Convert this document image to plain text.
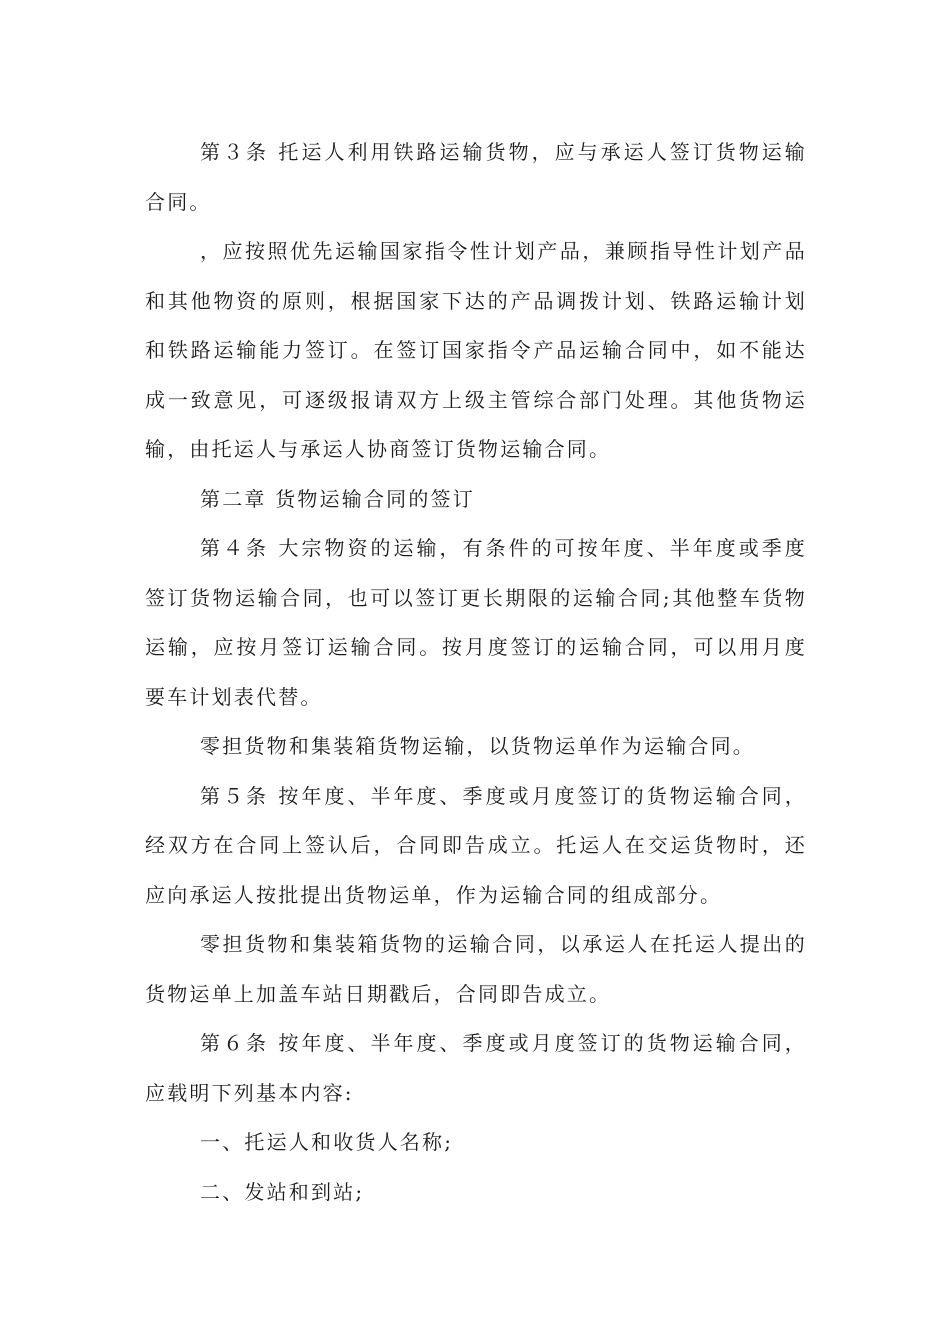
第３条 托运人利用铁路运输货物，应与承运人签订货物运输合同。

，应按照优先运输国家指令性计划产品，兼顾指导性计划产品和其他物资的原则，根据国家下达的产品调拨计划、铁路运输计划和铁路运输能力签订。在签订国家指令产品运输合同中，如不能达成一致意见，可逐级报请双方上级主管综合部门处理。其他货物运输，由托运人与承运人协商签订货物运输合同。

第二章 货物运输合同的签订

第４条 大宗物资的运输，有条件的可按年度、半年度或季度签订货物运输合同，也可以签订更长期限的运输合同;其他整车货物运输，应按月签订运输合同。按月度签订的运输合同，可以用月度要车计划表代替。

零担货物和集装箱货物运输，以货物运单作为运输合同。

第５条 按年度、半年度、季度或月度签订的货物运输合同，经双方在合同上签认后，合同即告成立。托运人在交运货物时，还应向承运人按批提出货物运单，作为运输合同的组成部分。

零担货物和集装箱货物的运输合同，以承运人在托运人提出的货物运单上加盖车站日期戳后，合同即告成立。

第６条 按年度、半年度、季度或月度签订的货物运输合同，应载明下列基本内容:

一、托运人和收货人名称;

二、发站和到站;
